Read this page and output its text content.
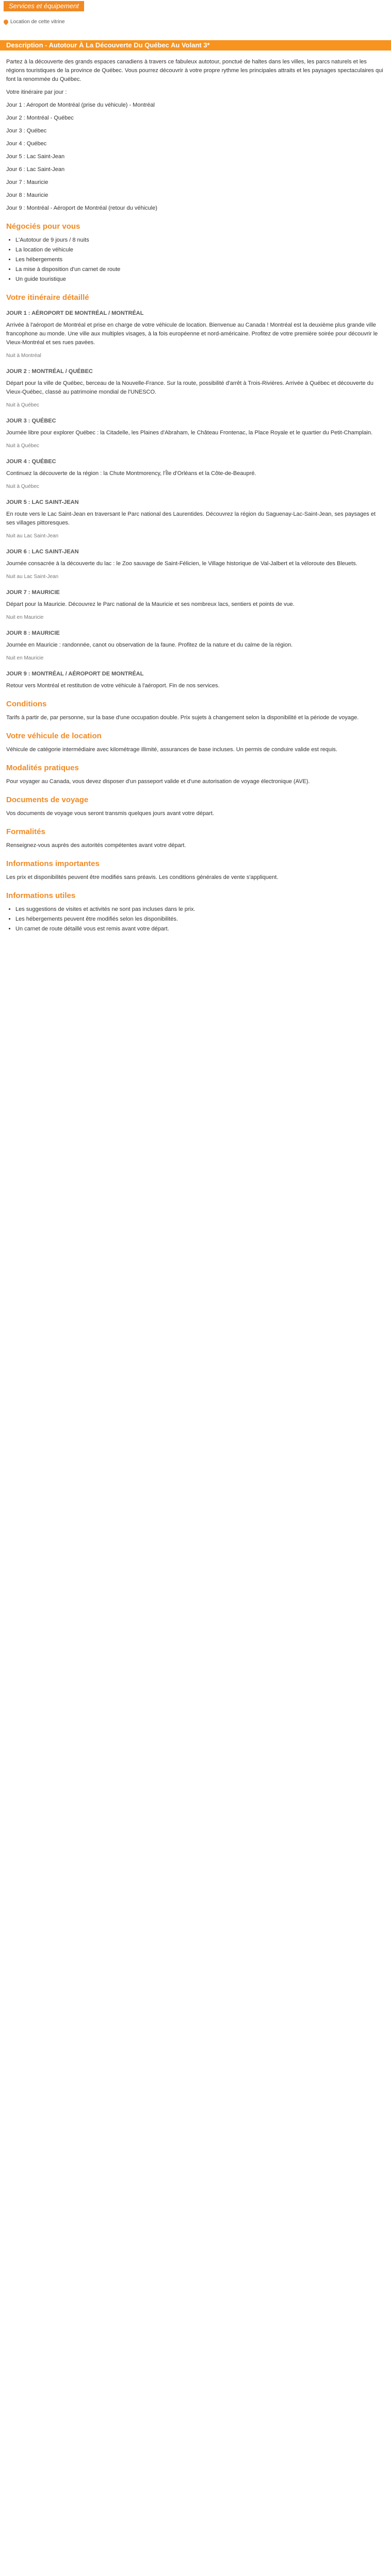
Services et équipement
Location de cette vitrine
Description - Autotour À La Découverte Du Québec Au Volant 3*

Partez à la découverte des grands espaces canadiens à travers ce fabuleux autotour, ponctué de haltes dans les villes, les parcs naturels et les régions touristiques de la province de Québec. Vous pourrez découvrir à votre propre rythme les principales attraits et les paysages spectaculaires qui font la renommée du Québec.

Votre itinéraire par jour :

Jour 1 : Aéroport de Montréal (prise du véhicule) - Montréal

Jour 2 : Montréal - Québec

Jour 3 : Québec

Jour 4 : Québec

Jour 5 : Lac Saint-Jean

Jour 6 : Lac Saint-Jean

Jour 7 : Mauricie

Jour 8 : Mauricie

Jour 9 : Montréal - Aéroport de Montréal (retour du véhicule)

Négociés pour vous
• L'Autotour de 9 jours / 8 nuits
• La location de véhicule
• Les hébergements
• La mise à disposition d'un carnet de route
• Un guide touristique
Votre itinéraire détaillé
JOUR 1 : AÉROPORT DE MONTRÉAL / MONTRÉAL

Arrivée à l'aéroport de Montréal et prise en charge de votre véhicule de location. Bienvenue au Canada ! Montréal est la deuxième plus grande ville francophone au monde. Une ville aux multiples visages, à la fois européenne et nord-américaine. Profitez de votre première soirée pour découvrir le Vieux-Montréal et ses rues pavées.

Nuit à Montréal

JOUR 2 : MONTRÉAL / QUÉBEC

Départ pour la ville de Québec, berceau de la Nouvelle-France. Sur la route, possibilité d'arrêt à Trois-Rivières. Arrivée à Québec et découverte du Vieux-Québec, classé au patrimoine mondial de l'UNESCO.

Nuit à Québec

JOUR 3 : QUÉBEC

Journée libre pour explorer Québec : la Citadelle, les Plaines d'Abraham, le Château Frontenac, la Place Royale et le quartier du Petit-Champlain.

Nuit à Québec

JOUR 4 : QUÉBEC

Continuez la découverte de la région : la Chute Montmorency, l'Île d'Orléans et la Côte-de-Beaupré.

Nuit à Québec

JOUR 5 : LAC SAINT-JEAN

En route vers le Lac Saint-Jean en traversant le Parc national des Laurentides. Découvrez la région du Saguenay-Lac-Saint-Jean, ses paysages et ses villages pittoresques.

Nuit au Lac Saint-Jean

JOUR 6 : LAC SAINT-JEAN

Journée consacrée à la découverte du lac : le Zoo sauvage de Saint-Félicien, le Village historique de Val-Jalbert et la véloroute des Bleuets.

Nuit au Lac Saint-Jean

JOUR 7 : MAURICIE

Départ pour la Mauricie. Découvrez le Parc national de la Mauricie et ses nombreux lacs, sentiers et points de vue.

Nuit en Mauricie

JOUR 8 : MAURICIE

Journée en Mauricie : randonnée, canot ou observation de la faune. Profitez de la nature et du calme de la région.

Nuit en Mauricie

JOUR 9 : MONTRÉAL / AÉROPORT DE MONTRÉAL

Retour vers Montréal et restitution de votre véhicule à l'aéroport. Fin de nos services.

Conditions

Tarifs à partir de, par personne, sur la base d'une occupation double. Prix sujets à changement selon la disponibilité et la période de voyage.

Votre véhicule de location

Véhicule de catégorie intermédiaire avec kilométrage illimité, assurances de base incluses. Un permis de conduire valide est requis.

Modalités pratiques

Pour voyager au Canada, vous devez disposer d'un passeport valide et d'une autorisation de voyage électronique (AVE).

Documents de voyage

Vos documents de voyage vous seront transmis quelques jours avant votre départ.

Formalités

Renseignez-vous auprès des autorités compétentes avant votre départ.

Informations importantes

Les prix et disponibilités peuvent être modifiés sans préavis. Les conditions générales de vente s'appliquent.

Informations utiles
• Les suggestions de visites et activités ne sont pas incluses dans le prix.
• Les hébergements peuvent être modifiés selon les disponibilités.
• Un carnet de route détaillé vous est remis avant votre départ.
